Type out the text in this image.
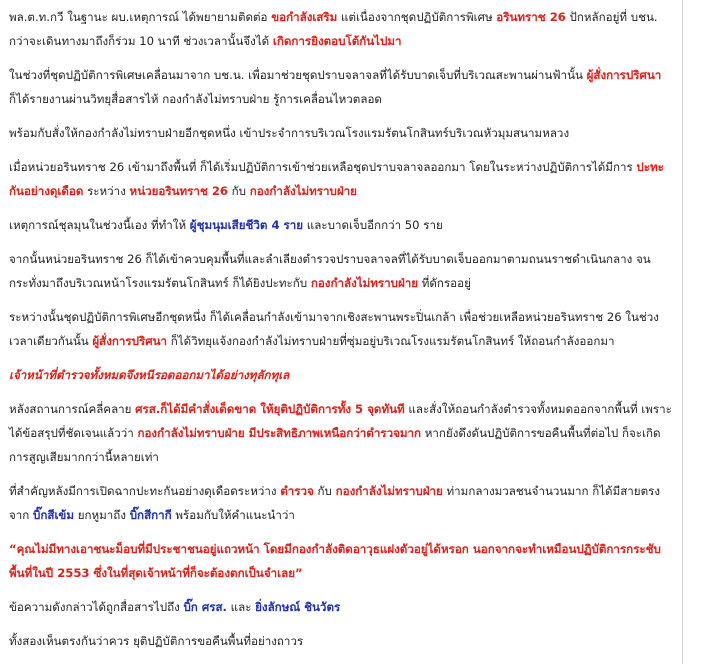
พล.ต.ท.กวี ในฐานะ ผบ.เหตุการณ์ ได้พยายามติดต่อ ขอกำลังเสริม แต่เนื่องจากชุดปฏิบัติการพิเศษ อรินทราช 26 ปักหลักอยู่ที่ บชน. กว่าจะเดินทางมาถึงก็ร่วม 10 นาที ช่วงเวลานั้นจึงได้ เกิดการยิงตอบโต้กันไปมา

ในช่วงที่ชุดปฏิบัติการพิเศษเคลื่อนมาจาก บช.น. เพื่อมาช่วยชุดปราบจลาจลที่ได้รับบาดเจ็บที่บริเวณสะพานผ่านฟ้านั้น ผู้สั่งการปริศนา ก็ได้รายงานผ่านวิทยุสื่อสารไห้ กองกำลังไม่ทราบฝ่าย รู้การเคลื่อนไหวตลอด

พร้อมกับสั่งให้กองกำลังไม่ทราบฝ่ายอีกชุดหนึ่ง เข้าประจำการบริเวณโรงแรมรัตนโกสินทร์บริเวณหัวมุมสนามหลวง

เมื่อหน่วยอรินทราช 26 เข้ามาถึงพื้นที่ ก็ได้เริ่มปฏิบัติการเข้าช่วยเหลือชุดปราบจลาจลออกมา โดยในระหว่างปฏิบัติการได้มีการ ปะทะกันอย่างดุเดือด ระหว่าง หน่วยอรินทราช 26 กับ กองกำลังไม่ทราบฝ่าย

เหตุการณ์ชุลมุนในช่วงนี้เอง ที่ทำให้ ผู้ชุมนุมเสียชีวิต 4 ราย และบาดเจ็บอีกกว่า 50 ราย

จากนั้นหน่วยอรินทราช 26 ก็ได้เข้าควบคุมพื้นที่และลำเลียงตำรวจปราบจลาจลที่ได้รับบาดเจ็บออกมาตามถนนราชดำเนินกลาง จนกระทั่งมาถึงบริเวณหน้าโรงแรมรัตนโกสินทร์ ก็ได้ยิงปะทะกับ กองกำลังไม่ทราบฝ่าย ที่ดักรออยู่

ระหว่างนั้นชุดปฏิบัติการพิเศษอีกชุดหนึ่ง ก็ได้เคลื่อนกำลังเข้ามาจากเชิงสะพานพระปิ่นเกล้า เพื่อช่วยเหลือหน่วยอรินทราช 26 ในช่วงเวลาเดียวกันนั้น ผู้สั่งการปริศนา ก็ได้วิทยุแจ้งกองกำลังไม่ทราบฝ่ายที่ซุ่มอยู่บริเวณโรงแรมรัตนโกสินทร์ ให้ถอนกำลังออกมา

เจ้าหน้าที่ตำรวจทั้งหมดจึงหนีรอดออกมาได้อย่างทุลักทุเล

หลังสถานการณ์คลี่คลาย ศรส.ก็ได้มีคำสั่งเด็ดขาด ให้ยุติปฏิบัติการทั้ง 5 จุดทันที และสั่งให้ถอนกำลังตำรวจทั้งหมดออกจากพื้นที่ เพราะได้ข้อสรุปที่ชัดเจนแล้วว่า กองกำลังไม่ทราบฝ่าย มีประสิทธิภาพเหนือกว่าตำรวจมาก หากยังดึงดันปฏิบัติการขอคืนพื้นที่ต่อไป ก็จะเกิดการสูญเสียมากกว่านี้หลายเท่า

ที่สำคัญหลังมีการเปิดฉากปะทะกันอย่างดุเดือดระหว่าง ตำรวจ กับ กองกำลังไม่ทราบฝ่าย ท่ามกลางมวลชนจำนวนมาก ก็ได้มีสายตรงจาก บิ๊กสีเข้ม ยกหูมาถึง บิ๊กสีกากี พร้อมกับให้คำแนะนำว่า

“คุณไม่มีทางเอาชนะม็อบที่มีประชาชนอยู่แถวหน้า โดยมีกองกำลังติดอาวุธแฝงตัวอยู่ได้หรอก นอกจากจะทำเหมือนปฏิบัติการกระชับพื้นที่ในปี 2553 ซึ่งในที่สุดเจ้าหน้าที่ก็จะต้องตกเป็นจำเลย”

ข้อความดังกล่าวได้ถูกสื่อสารไปถึง บิ๊ก ศรส. และ ยิ่งลักษณ์ ชินวัตร

ทั้งสองเห็นตรงกันว่าควร ยุติปฏิบัติการขอคืนพื้นที่อย่างถาวร
